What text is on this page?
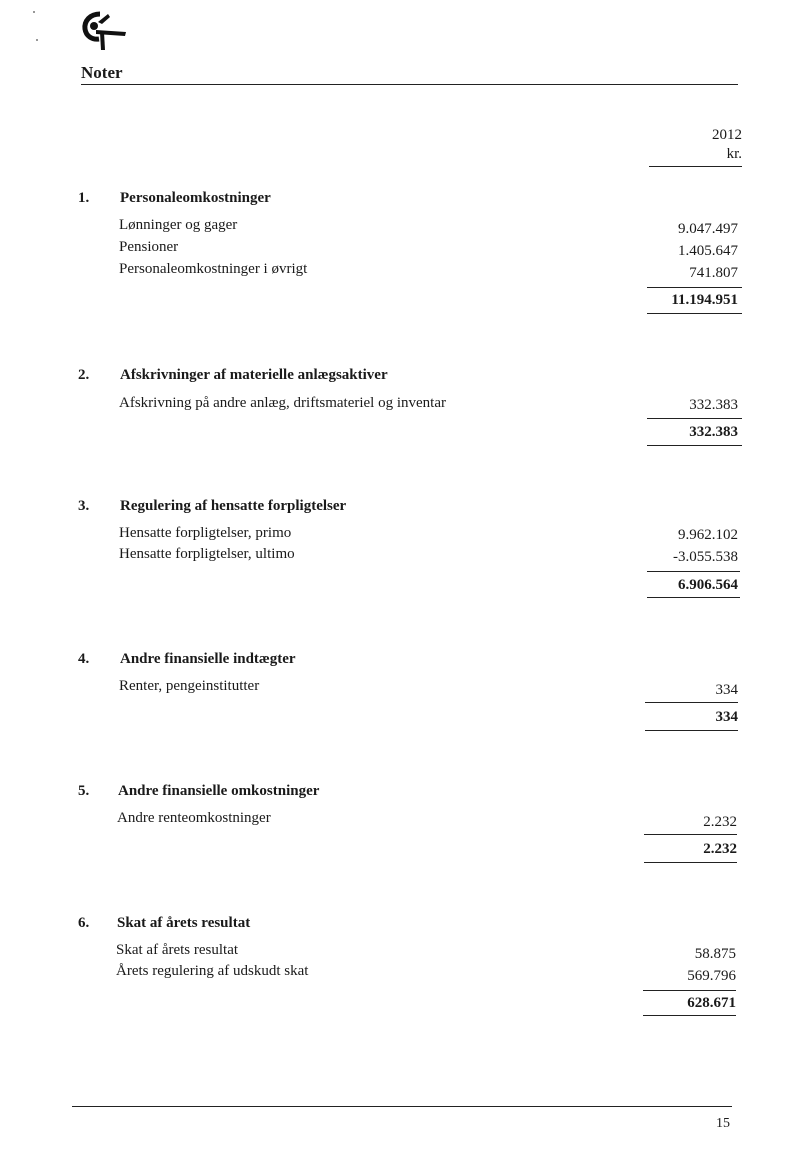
Noter
2012
kr.
1. Personaleomkostninger
Lønninger og gager	9.047.497
Pensioner	1.405.647
Personaleomkostninger i øvrigt	741.807
11.194.951
2. Afskrivninger af materielle anlægsaktiver
Afskrivning på andre anlæg, driftsmateriel og inventar	332.383
332.383
3. Regulering af hensatte forpligtelser
Hensatte forpligtelser, primo	9.962.102
Hensatte forpligtelser, ultimo	-3.055.538
6.906.564
4. Andre finansielle indtægter
Renter, pengeinstitutter	334
334
5. Andre finansielle omkostninger
Andre renteomkostninger	2.232
2.232
6. Skat af årets resultat
Skat af årets resultat	58.875
Årets regulering af udskudt skat	569.796
628.671
15
